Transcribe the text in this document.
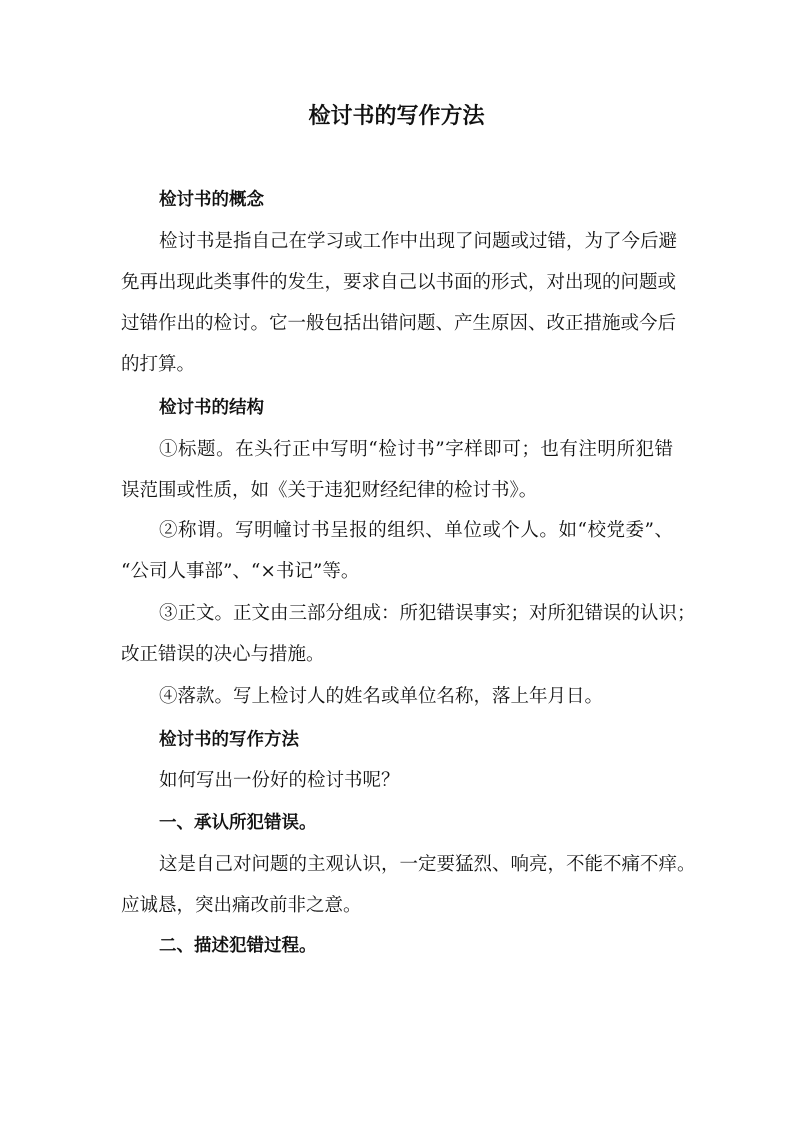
检讨书的写作方法
检讨书的概念
检讨书是指自己在学习或工作中出现了问题或过错，为了今后避
免再出现此类事件的发生，要求自己以书面的形式，对出现的问题或
过错作出的检讨。它一般包括出错问题、产生原因、改正措施或今后
的打算。
检讨书的结构
①标题。在头行正中写明“检讨书”字样即可；也有注明所犯错
误范围或性质，如《关于违犯财经纪律的检讨书》。
②称谓。写明幢讨书呈报的组织、单位或个人。如“校党委”、
“公司人事部”、“×书记”等。
③正文。正文由三部分组成：所犯错误事实；对所犯错误的认识；
改正错误的决心与措施。
④落款。写上检讨人的姓名或单位名称，落上年月日。
检讨书的写作方法
如何写出一份好的检讨书呢？
一、承认所犯错误。
这是自己对问题的主观认识，一定要猛烈、响亮，不能不痛不痒。
应诚恳，突出痛改前非之意。
二、描述犯错过程。
